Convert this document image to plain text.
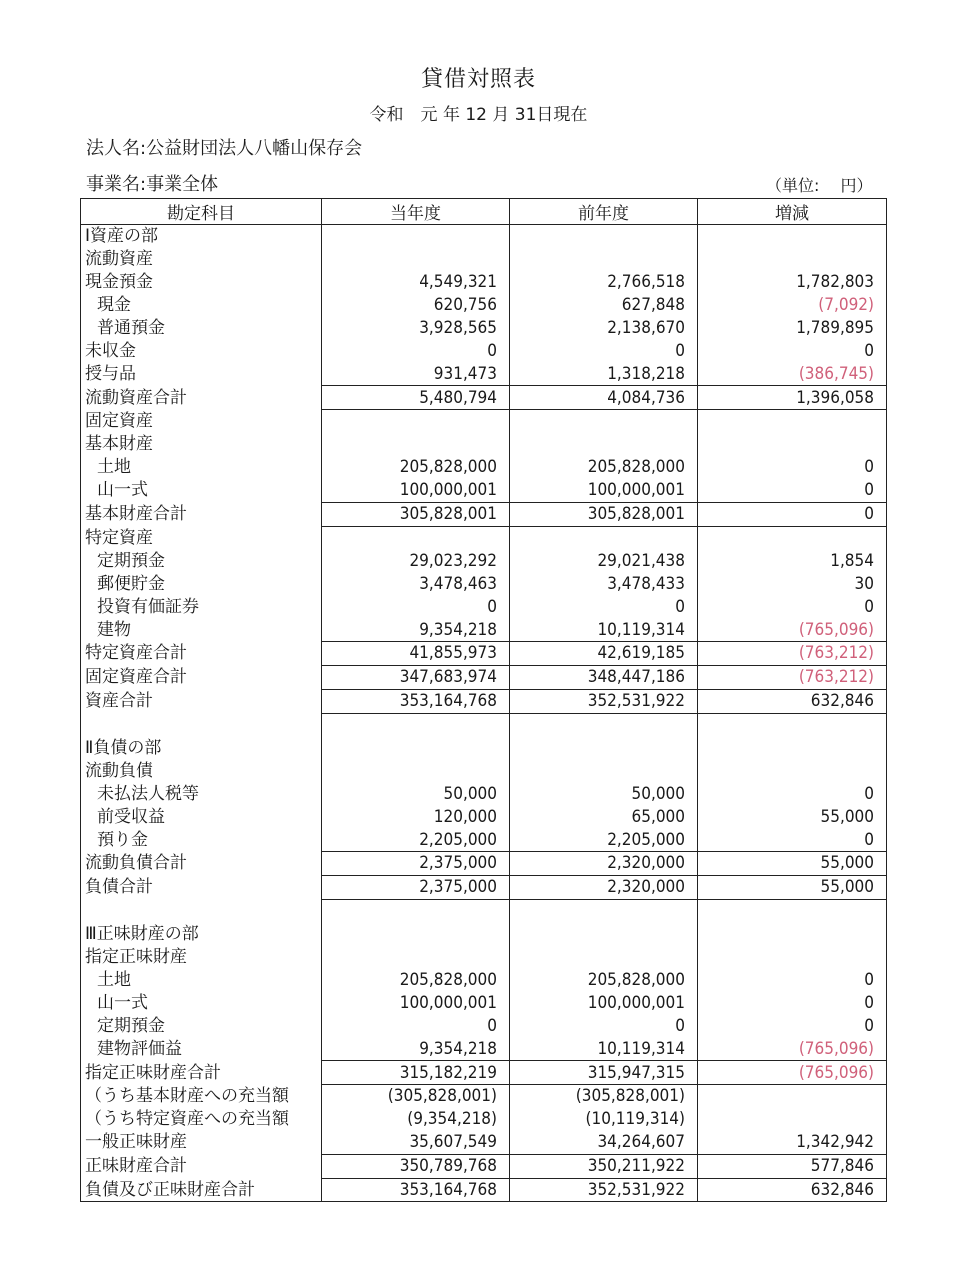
貸借対照表
令和　元 年 12 月 31日現在
法人名:公益財団法人八幡山保存会
事業名:事業全体	（単位:　 円）
勘定科目	当年度	前年度	増減
Ⅰ資産の部			
流動資産			
現金預金	4,549,321	2,766,518	1,782,803
現金	620,756	627,848	(7,092)
普通預金	3,928,565	2,138,670	1,789,895
未収金	0	0	0
授与品	931,473	1,318,218	(386,745)
流動資産合計	5,480,794	4,084,736	1,396,058
固定資産			
基本財産			
土地	205,828,000	205,828,000	0
山一式	100,000,001	100,000,001	0
基本財産合計	305,828,001	305,828,001	0
特定資産			
定期預金	29,023,292	29,021,438	1,854
郵便貯金	3,478,463	3,478,433	30
投資有価証券	0	0	0
建物	9,354,218	10,119,314	(765,096)
特定資産合計	41,855,973	42,619,185	(763,212)
固定資産合計	347,683,974	348,447,186	(763,212)
資産合計	353,164,768	352,531,922	632,846

Ⅱ負債の部			
流動負債			
未払法人税等	50,000	50,000	0
前受収益	120,000	65,000	55,000
預り金	2,205,000	2,205,000	0
流動負債合計	2,375,000	2,320,000	55,000
負債合計	2,375,000	2,320,000	55,000

Ⅲ正味財産の部			
指定正味財産			
土地	205,828,000	205,828,000	0
山一式	100,000,001	100,000,001	0
定期預金	0	0	0
建物評価益	9,354,218	10,119,314	(765,096)
指定正味財産合計	315,182,219	315,947,315	(765,096)
（うち基本財産への充当額	(305,828,001)	(305,828,001)	
（うち特定資産への充当額	(9,354,218)	(10,119,314)	
一般正味財産	35,607,549	34,264,607	1,342,942
正味財産合計	350,789,768	350,211,922	577,846
負債及び正味財産合計	353,164,768	352,531,922	632,846
